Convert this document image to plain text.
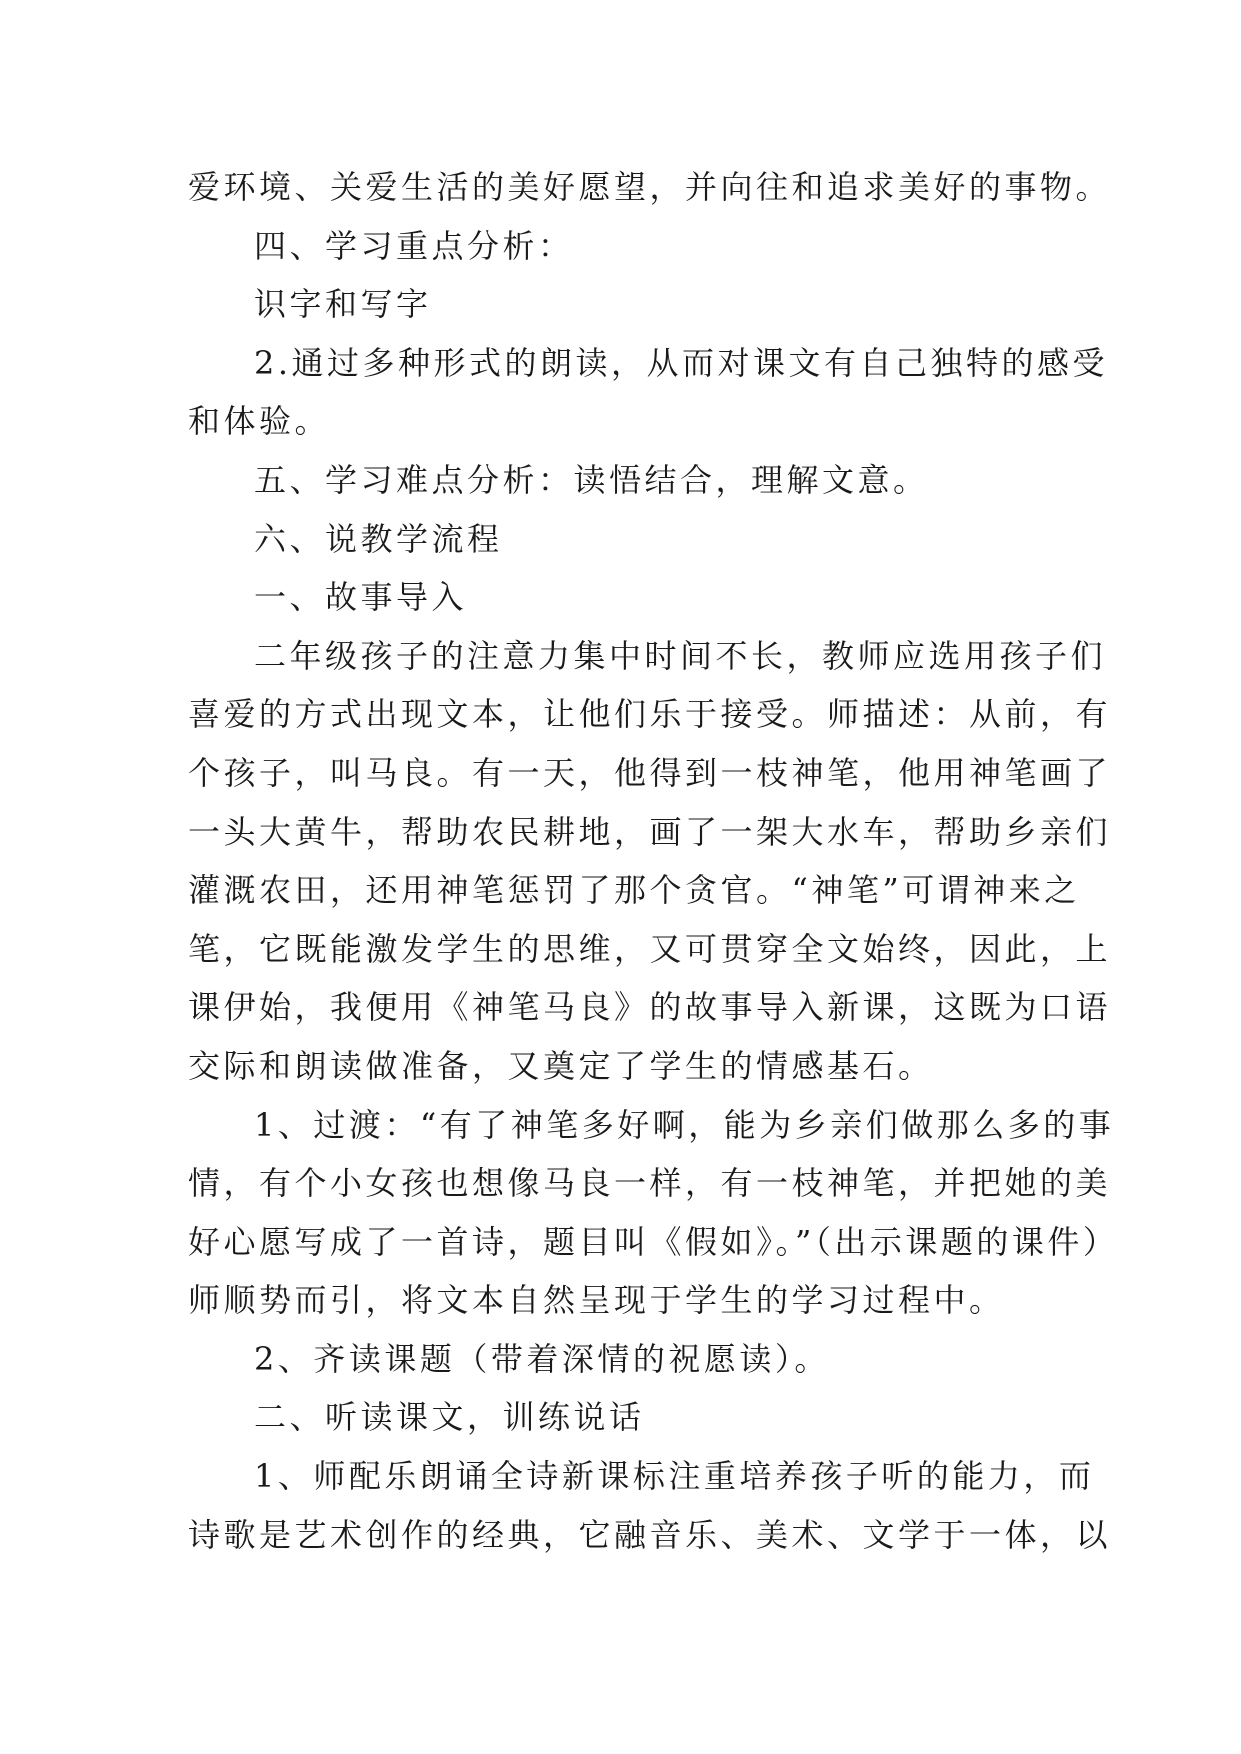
爱环境、关爱生活的美好愿望，并向往和追求美好的事物。
四、学习重点分析：
识字和写字
2.通过多种形式的朗读，从而对课文有自己独特的感受
和体验。
五、学习难点分析：读悟结合，理解文意。
六、说教学流程
一、故事导入
二年级孩子的注意力集中时间不长，教师应选用孩子们
喜爱的方式出现文本，让他们乐于接受。师描述：从前，有
个孩子，叫马良。有一天，他得到一枝神笔，他用神笔画了
一头大黄牛，帮助农民耕地，画了一架大水车，帮助乡亲们
灌溉农田，还用神笔惩罚了那个贪官。“神笔”可谓神来之
笔，它既能激发学生的思维，又可贯穿全文始终，因此，上
课伊始，我便用《神笔马良》的故事导入新课，这既为口语
交际和朗读做准备，又奠定了学生的情感基石。
1、过渡：“有了神笔多好啊，能为乡亲们做那么多的事
情，有个小女孩也想像马良一样，有一枝神笔，并把她的美
好心愿写成了一首诗，题目叫《假如》。”（出示课题的课件）
师顺势而引，将文本自然呈现于学生的学习过程中。
2、齐读课题（带着深情的祝愿读）。
二、听读课文，训练说话
1、师配乐朗诵全诗新课标注重培养孩子听的能力，而
诗歌是艺术创作的经典，它融音乐、美术、文学于一体，以
